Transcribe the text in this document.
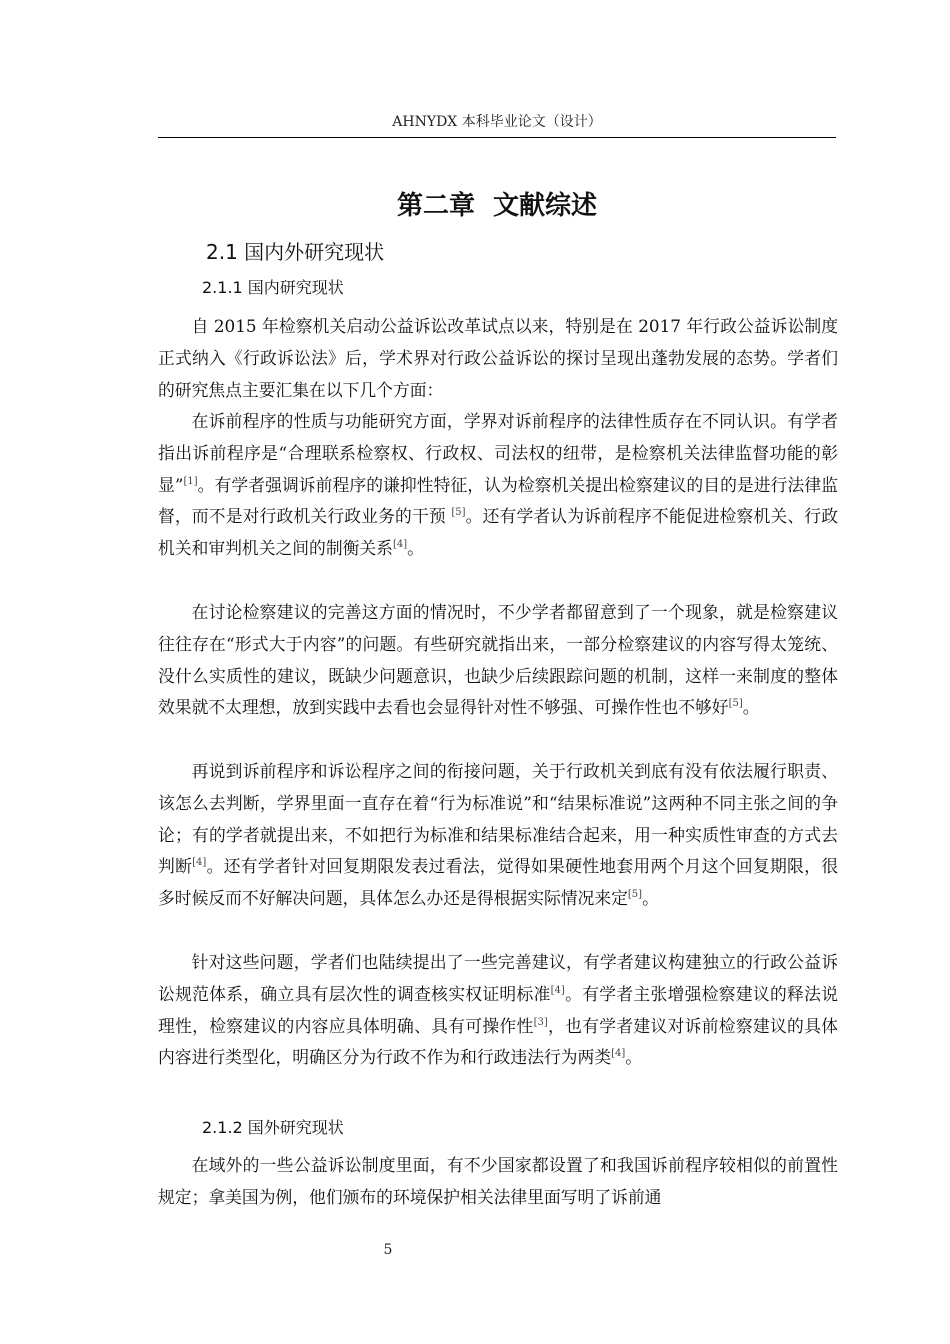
AHNYDX 本科毕业论文（设计）
第二章  文献综述
2.1 国内外研究现状
2.1.1 国内研究现状

自 2015 年检察机关启动公益诉讼改革试点以来，特别是在 2017 年行政公益诉讼制度正式纳入《行政诉讼法》后，学术界对行政公益诉讼的探讨呈现出蓬勃发展的态势。学者们的研究焦点主要汇集在以下几个方面：

在诉前程序的性质与功能研究方面，学界对诉前程序的法律性质存在不同认识。有学者指出诉前程序是“合理联系检察权、行政权、司法权的纽带，是检察机关法律监督功能的彰显”[1]。有学者强调诉前程序的谦抑性特征，认为检察机关提出检察建议的目的是进行法律监督，而不是对行政机关行政业务的干预 [5]。还有学者认为诉前程序不能促进检察机关、行政机关和审判机关之间的制衡关系[4]。

在讨论检察建议的完善这方面的情况时，不少学者都留意到了一个现象，就是检察建议往往存在“形式大于内容”的问题。有些研究就指出来，一部分检察建议的内容写得太笼统、没什么实质性的建议，既缺少问题意识，也缺少后续跟踪问题的机制，这样一来制度的整体效果就不太理想，放到实践中去看也会显得针对性不够强、可操作性也不够好[5]。

再说到诉前程序和诉讼程序之间的衔接问题，关于行政机关到底有没有依法履行职责、该怎么去判断，学界里面一直存在着“行为标准说”和“结果标准说”这两种不同主张之间的争论；有的学者就提出来，不如把行为标准和结果标准结合起来，用一种实质性审查的方式去判断[4]。还有学者针对回复期限发表过看法，觉得如果硬性地套用两个月这个回复期限，很多时候反而不好解决问题，具体怎么办还是得根据实际情况来定[5]。

针对这些问题，学者们也陆续提出了一些完善建议，有学者建议构建独立的行政公益诉讼规范体系，确立具有层次性的调查核实权证明标准[4]。有学者主张增强检察建议的释法说理性，检察建议的内容应具体明确、具有可操作性[3]，也有学者建议对诉前检察建议的具体内容进行类型化，明确区分为行政不作为和行政违法行为两类[4]。

2.1.2 国外研究现状

在域外的一些公益诉讼制度里面，有不少国家都设置了和我国诉前程序较相似的前置性规定；拿美国为例，他们颁布的环境保护相关法律里面写明了诉前通

5
